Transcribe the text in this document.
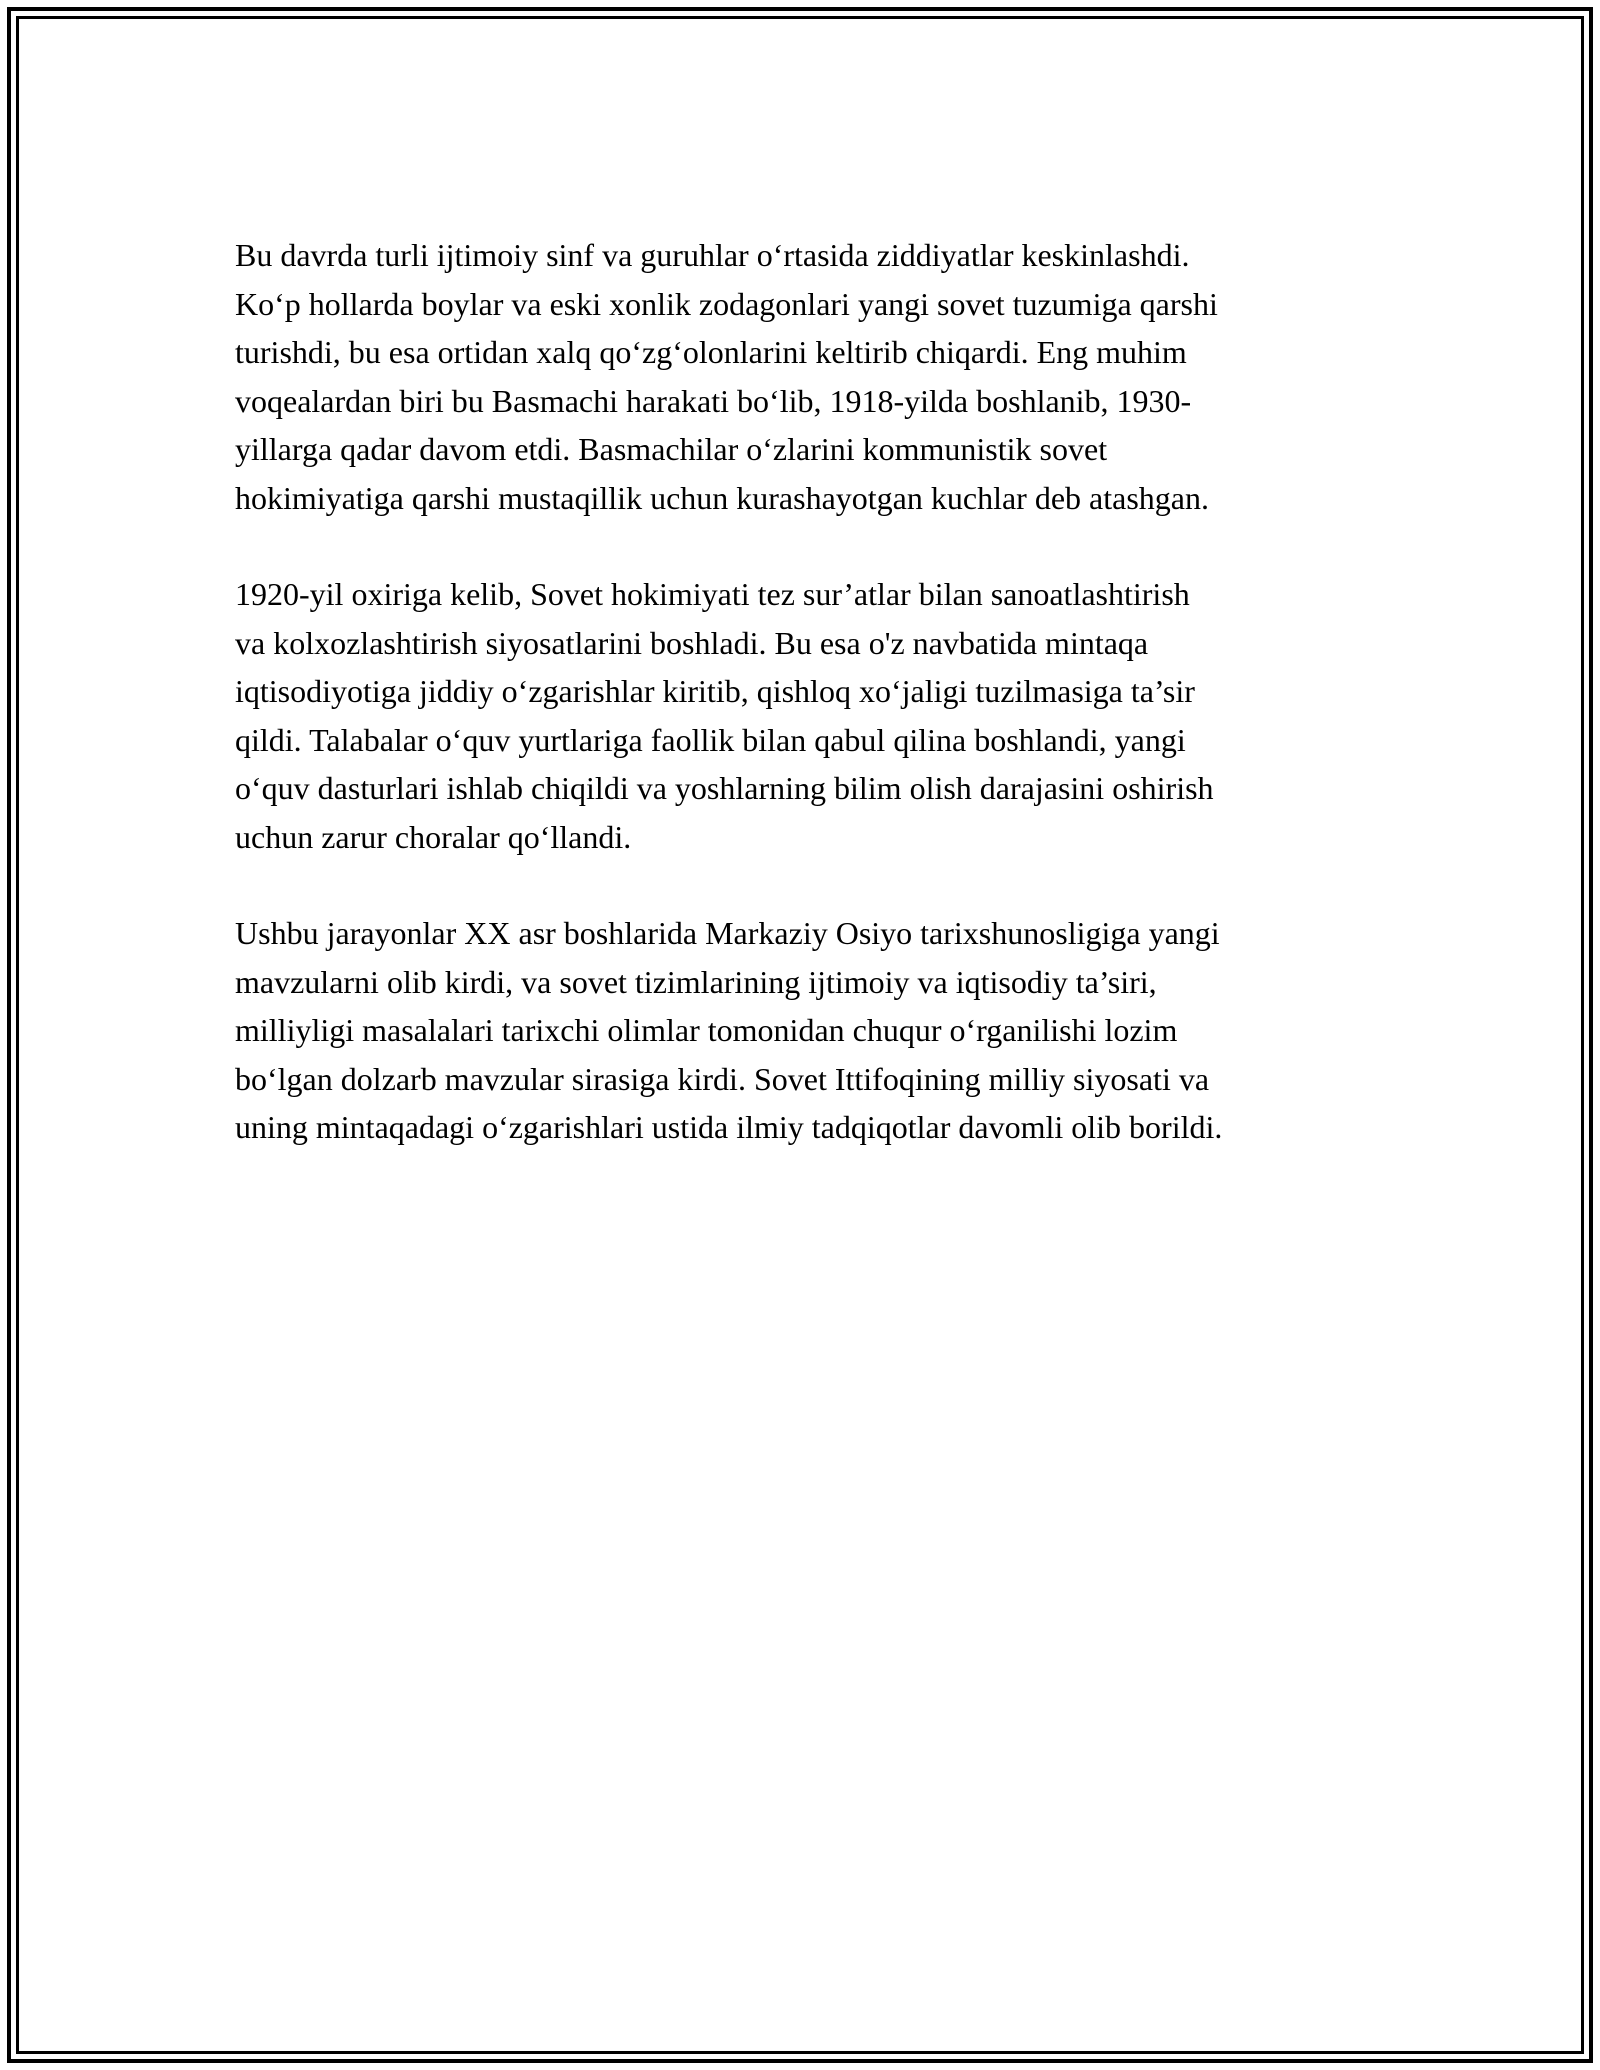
Bu davrda turli ijtimoiy sinf va guruhlar o‘rtasida ziddiyatlar keskinlashdi.
Ko‘p hollarda boylar va eski xonlik zodagonlari yangi sovet tuzumiga qarshi
turishdi, bu esa ortidan xalq qo‘zg‘olonlarini keltirib chiqardi. Eng muhim
voqealardan biri bu Basmachi harakati bo‘lib, 1918-yilda boshlanib, 1930-
yillarga qadar davom etdi. Basmachilar o‘zlarini kommunistik sovet
hokimiyatiga qarshi mustaqillik uchun kurashayotgan kuchlar deb atashgan.

1920-yil oxiriga kelib, Sovet hokimiyati tez sur’atlar bilan sanoatlashtirish
va kolxozlashtirish siyosatlarini boshladi. Bu esa o'z navbatida mintaqa
iqtisodiyotiga jiddiy o‘zgarishlar kiritib, qishloq xo‘jaligi tuzilmasiga ta’sir
qildi. Talabalar o‘quv yurtlariga faollik bilan qabul qilina boshlandi, yangi
o‘quv dasturlari ishlab chiqildi va yoshlarning bilim olish darajasini oshirish
uchun zarur choralar qo‘llandi.

Ushbu jarayonlar XX asr boshlarida Markaziy Osiyo tarixshunosligiga yangi
mavzularni olib kirdi, va sovet tizimlarining ijtimoiy va iqtisodiy ta’siri,
milliyligi masalalari tarixchi olimlar tomonidan chuqur o‘rganilishi lozim
bo‘lgan dolzarb mavzular sirasiga kirdi. Sovet Ittifoqining milliy siyosati va
uning mintaqadagi o‘zgarishlari ustida ilmiy tadqiqotlar davomli olib borildi.
